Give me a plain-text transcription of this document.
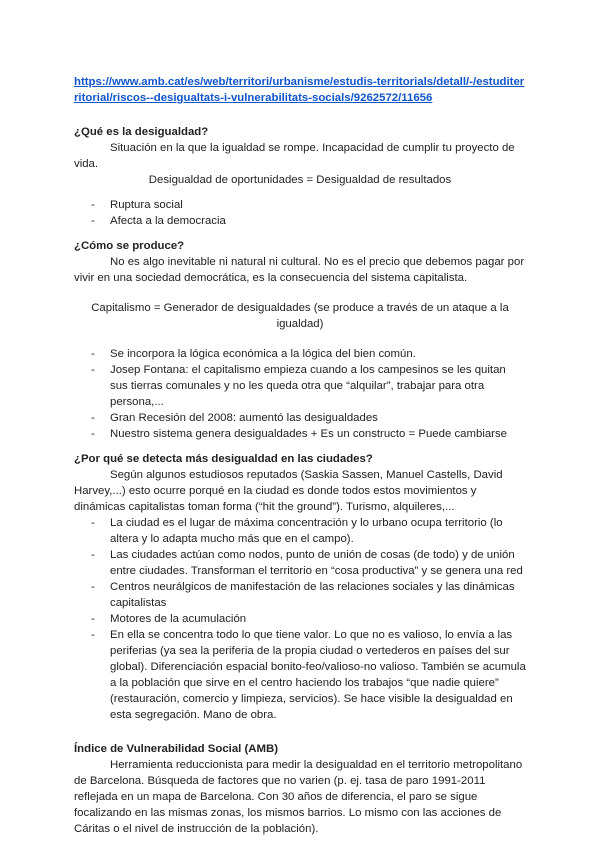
https://www.amb.cat/es/web/territori/urbanisme/estudis-territorials/detall/-/estuditerritorial/riscos--desigualtats-i-vulnerabilitats-socials/9262572/11656
¿Qué es la desigualdad?

Situación en la que la igualdad se rompe. Incapacidad de cumplir tu proyecto de vida.

Desigualdad de oportunidades = Desigualdad de resultados

- Ruptura social
- Afecta a la democracia
¿Cómo se produce?

No es algo inevitable ni natural ni cultural. No es el precio que debemos pagar por vivir en una sociedad democrática, es la consecuencia del sistema capitalista.

Capitalismo = Generador de desigualdades (se produce a través de un ataque a la igualdad)

- Se incorpora la lógica económica a la lógica del bien común.
- Josep Fontana: el capitalismo empieza cuando a los campesinos se les quitan sus tierras comunales y no les queda otra que “alquilar”, trabajar para otra persona,...
- Gran Recesión del 2008: aumentó las desigualdades
- Nuestro sistema genera desigualdades + Es un constructo = Puede cambiarse
¿Por qué se detecta más desigualdad en las ciudades?

Según algunos estudiosos reputados (Saskia Sassen, Manuel Castells, David Harvey,...) esto ocurre porqué en la ciudad es donde todos estos movimientos y dinámicas capitalistas toman forma (“hit the ground”). Turismo, alquileres,...

- La ciudad es el lugar de máxima concentración y lo urbano ocupa territorio (lo altera y lo adapta mucho más que en el campo).
- Las ciudades actúan como nodos, punto de unión de cosas (de todo) y de unión entre ciudades. Transforman el territorio en “cosa productiva” y se genera una red
- Centros neurálgicos de manifestación de las relaciones sociales y las dinámicas capitalistas
- Motores de la acumulación
- En ella se concentra todo lo que tiene valor. Lo que no es valioso, lo envía a las periferias (ya sea la periferia de la propia ciudad o vertederos en países del sur global). Diferenciación espacial bonito-feo/valioso-no valioso. También se acumula a la población que sirve en el centro haciendo los trabajos “que nadie quiere” (restauración, comercio y limpieza, servicios). Se hace visible la desigualdad en esta segregación. Mano de obra.
Índice de Vulnerabilidad Social (AMB)

Herramienta reduccionista para medir la desigualdad en el territorio metropolitano de Barcelona. Búsqueda de factores que no varien (p. ej. tasa de paro 1991-2011 reflejada en un mapa de Barcelona. Con 30 años de diferencia, el paro se sigue focalizando en las mismas zonas, los mismos barrios. Lo mismo con las acciones de Cáritas o el nivel de instrucción de la población).
